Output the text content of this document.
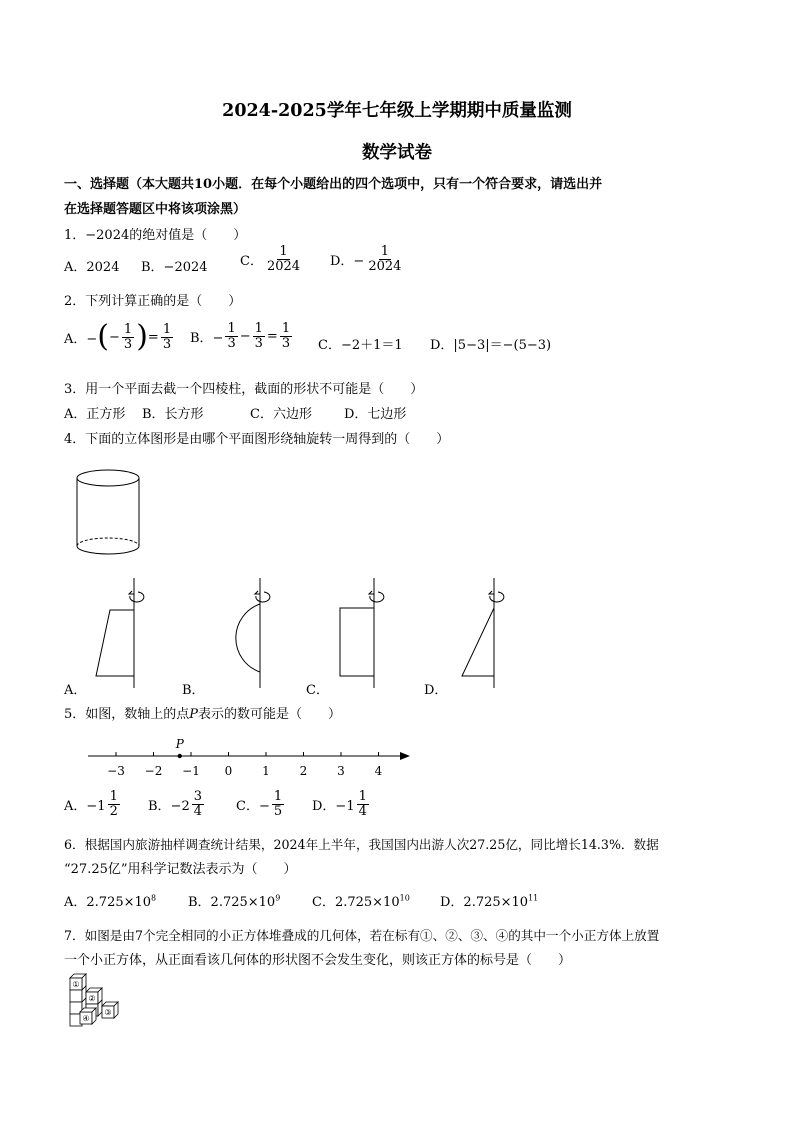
2024-2025学年七年级上学期期中质量监测
数学试卷
一、选择题（本大题共10小题．在每个小题给出的四个选项中，只有一个符合要求，请选出并
在选择题答题区中将该项涂黑）
1．−2024的绝对值是（　　）
A．2024 B．−2024 C． $\frac{1}{2024}$ D．− $\frac{1}{2024}$
2．下列计算正确的是（　　）
A．−(− $\frac{1}{3}$ )= $\frac{1}{3}$ B．− $\frac{1}{3} - \frac{1}{3} = \frac{1}{3}$ C．−2＋1＝1 D．|5−3|＝−(5−3)
3．用一个平面去截一个四棱柱，截面的形状不可能是（　　）
A．正方形 B．长方形	C．六边形 D．七边形
4．下面的立体图形是由哪个平面图形绕轴旋转一周得到的（　　）
A．	B．	C．	D．
5．如图，数轴上的点P表示的数可能是（　　）
−3 −2 −1 0 1 2 3 4
P
A．$-1 \frac{1}{2}$ B．$-2 \frac{3}{4}$ C．− $\frac{1}{5}$ D．$-1 \frac{1}{4}$
6．根据国内旅游抽样调查统计结果，2024年上半年，我国国内出游人次27.25亿，同比增长14.3%．数据
“27.25亿”用科学记数法表示为（　　）
A．$2.725\times 10^8$ B．$2.725\times 10^9$ C．$2.725\times 10^{10}$ D．$2.725\times 10^{11}$
7．如图是由7个完全相同的小正方体堆叠成的几何体，若在标有①、②、③、④的其中一个小正方体上放置
一个小正方体，从正面看该几何体的形状图不会发生变化，则该正方体的标号是（　　）
①
②
③
④
